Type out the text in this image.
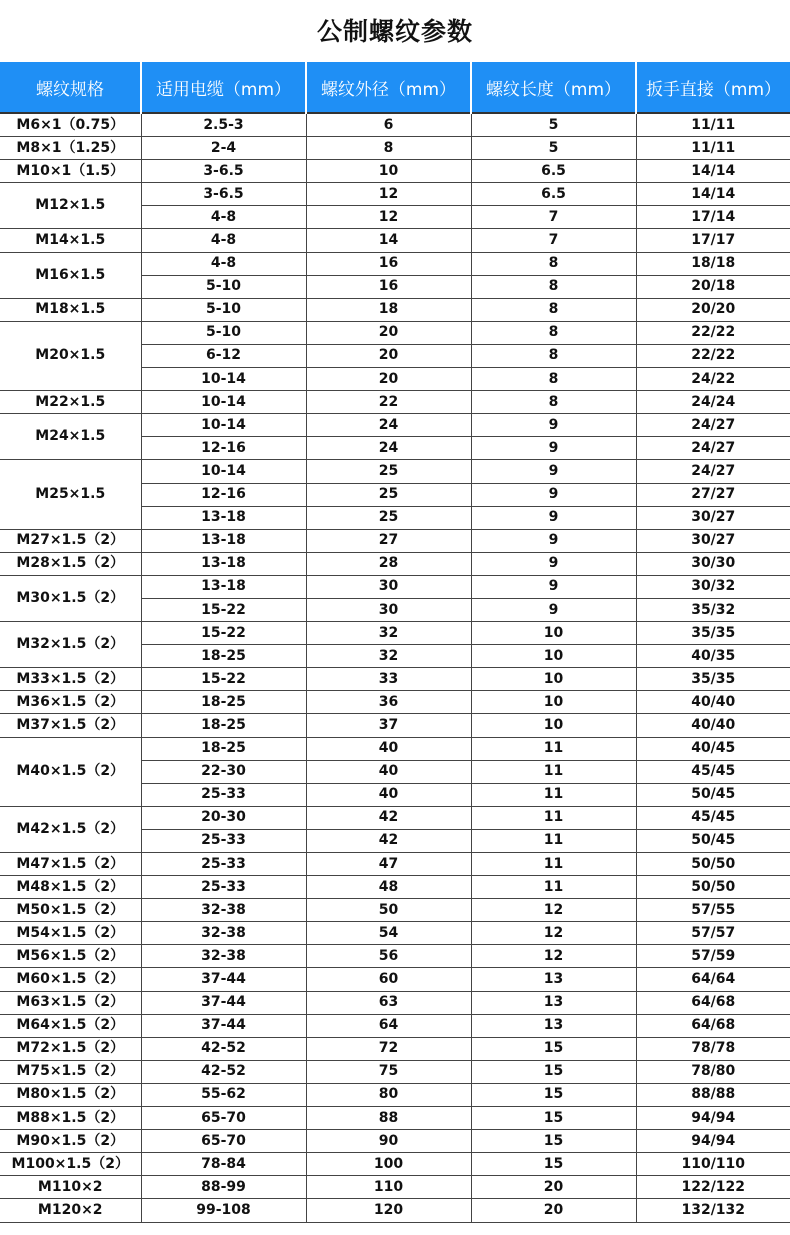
公制螺纹参数
螺纹规格	适用电缆（mm）	螺纹外径（mm）	螺纹长度（mm）	扳手直接（mm）
M6×1（0.75）	2.5-3	6	5	11/11
M8×1（1.25）	2-4	8	5	11/11
M10×1（1.5）	3-6.5	10	6.5	14/14
M12×1.5	3-6.5	12	6.5	14/14
	4-8	12	7	17/14
M14×1.5	4-8	14	7	17/17
M16×1.5	4-8	16	8	18/18
	5-10	16	8	20/18
M18×1.5	5-10	18	8	20/20
M20×1.5	5-10	20	8	22/22
	6-12	20	8	22/22
	10-14	20	8	24/22
M22×1.5	10-14	22	8	24/24
M24×1.5	10-14	24	9	24/27
	12-16	24	9	24/27
M25×1.5	10-14	25	9	24/27
	12-16	25	9	27/27
	13-18	25	9	30/27
M27×1.5（2）	13-18	27	9	30/27
M28×1.5（2）	13-18	28	9	30/30
M30×1.5（2）	13-18	30	9	30/32
	15-22	30	9	35/32
M32×1.5（2）	15-22	32	10	35/35
	18-25	32	10	40/35
M33×1.5（2）	15-22	33	10	35/35
M36×1.5（2）	18-25	36	10	40/40
M37×1.5（2）	18-25	37	10	40/40
M40×1.5（2）	18-25	40	11	40/45
	22-30	40	11	45/45
	25-33	40	11	50/45
M42×1.5（2）	20-30	42	11	45/45
	25-33	42	11	50/45
M47×1.5（2）	25-33	47	11	50/50
M48×1.5（2）	25-33	48	11	50/50
M50×1.5（2）	32-38	50	12	57/55
M54×1.5（2）	32-38	54	12	57/57
M56×1.5（2）	32-38	56	12	57/59
M60×1.5（2）	37-44	60	13	64/64
M63×1.5（2）	37-44	63	13	64/68
M64×1.5（2）	37-44	64	13	64/68
M72×1.5（2）	42-52	72	15	78/78
M75×1.5（2）	42-52	75	15	78/80
M80×1.5（2）	55-62	80	15	88/88
M88×1.5（2）	65-70	88	15	94/94
M90×1.5（2）	65-70	90	15	94/94
M100×1.5（2）	78-84	100	15	110/110
M110×2	88-99	110	20	122/122
M120×2	99-108	120	20	132/132
